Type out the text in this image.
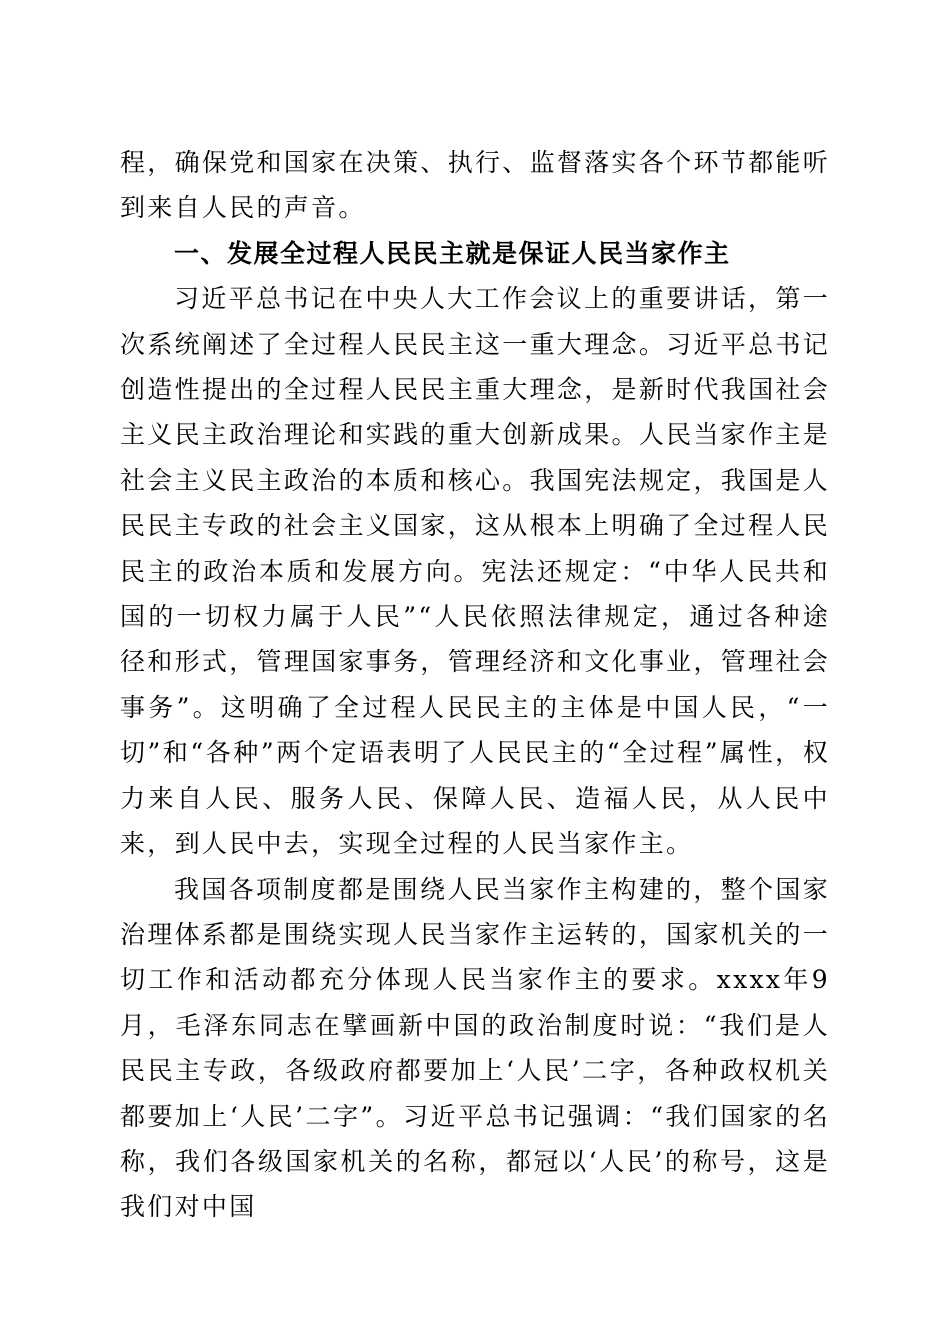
程，确保党和国家在决策、执行、监督落实各个环节都能听到来自人民的声音。

一、发展全过程人民民主就是保证人民当家作主

习近平总书记在中央人大工作会议上的重要讲话，第一次系统阐述了全过程人民民主这一重大理念。习近平总书记创造性提出的全过程人民民主重大理念，是新时代我国社会主义民主政治理论和实践的重大创新成果。人民当家作主是社会主义民主政治的本质和核心。我国宪法规定，我国是人民民主专政的社会主义国家，这从根本上明确了全过程人民民主的政治本质和发展方向。宪法还规定：“中华人民共和国的一切权力属于人民”“人民依照法律规定，通过各种途径和形式，管理国家事务，管理经济和文化事业，管理社会事务”。这明确了全过程人民民主的主体是中国人民，“一切”和“各种”两个定语表明了人民民主的“全过程”属性，权力来自人民、服务人民、保障人民、造福人民，从人民中来，到人民中去，实现全过程的人民当家作主。

我国各项制度都是围绕人民当家作主构建的，整个国家治理体系都是围绕实现人民当家作主运转的，国家机关的一切工作和活动都充分体现人民当家作主的要求。xxxx年9月，毛泽东同志在擘画新中国的政治制度时说：“我们是人民民主专政，各级政府都要加上‘人民’二字，各种政权机关都要加上‘人民’二字”。习近平总书记强调：“我们国家的名称，我们各级国家机关的名称，都冠以‘人民’的称号，这是我们对中国
